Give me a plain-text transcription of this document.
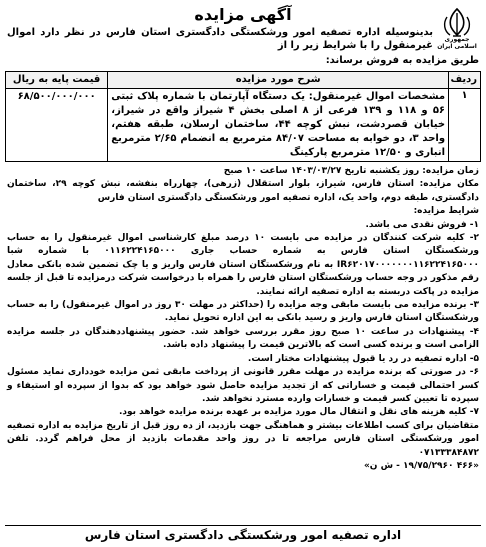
جمهوری اسلامی ایران
آگهی مزایده
بدینوسیله اداره تصفیه امور ورشکستگی دادگستری استان فارس در نظر دارد اموال غیرمنقول را با شرایط زیر را از
طریق مزایده به فروش برساند:
ردیف	شرح مورد مزایده	قیمت پایه به ریال
۱	مشخصات اموال غیرمنقول: یک دستگاه آپارتمان با شماره پلاک ثبتی ۵۶ و ۱۱۸ و ۱۳۹ فرعی از ۸ اصلی بخش ۴ شیراز واقع در شیراز، خیابان قصردشت، نبش کوچه ۴۴، ساختمان ارسلان، طبقه هفتم، واحد ۳، دو خوابه به مساحت ۸۴/۰۷ مترمربع به انضمام ۲/۶۵ مترمربع انباری و ۱۲/۵۰ مترمربع پارکینگ	۶۸/۵۰۰/۰۰۰/۰۰۰

زمان مزایده: روز یکشنبه تاریخ ۱۴۰۳/۰۳/۲۷ ساعت ۱۰ صبح

مکان مزایده: استان فارس، شیراز، بلوار استقلال (زرهی)، چهارراه بنفشه، نبش کوچه ۲۹، ساختمان دادگستری، طبقه دوم، واحد یک، اداره تصفیه امور ورشکستگی دادگستری استان فارس

شرایط مزایده:

۱- فروش نقدی می باشد.

۲- کلیه شرکت کنندگان در مزایده می بایست ۱۰ درصد مبلغ کارشناسی اموال غیرمنقول را به حساب ورشکستگان استان فارس به شماره حساب جاری ۰۱۱۶۲۲۴۱۶۵۰۰۰ با شماره شبا IR۶۲۰۱۷۰۰۰۰۰۰۰۱۱۶۲۲۴۱۶۵۰۰۰ به نام ورشکستگان استان فارس واریز و یا چک تضمین شده بانکی معادل رقم مذکور در وجه حساب ورشکستگان استان فارس را همراه با درخواست شرکت درمزایده تا قبل از جلسه مزایده در پاکت دربسته به اداره تصفیه ارائه نمایند.

۳- برنده مزایده می بایست مابقی وجه مزایده را (حداکثر در مهلت ۳۰ روز در اموال غیرمنقول) را به حساب ورشکستگان استان فارس واریز و رسید بانکی به این اداره تحویل نماید.

۴- پیشنهادات در ساعت ۱۰ صبح روز مقرر بررسی خواهد شد. حضور پیشنهاددهندگان در جلسه مزایده الزامی است و برنده کسی است که بالاترین قیمت را پیشنهاد داده باشد.

۵- اداره تصفیه در رد یا قبول پیشنهادات مختار است.

۶- در صورتی که برنده مزایده در مهلت مقرر قانونی از پرداخت مابقی ثمن مزایده خودداری نماید مسئول کسر احتمالی قیمت و خساراتی که از تجدید مزایده حاصل شود خواهد بود که بدوا از سپرده او استیفاء و سپرده تا تعیین کسر قیمت و خسارات وارده مسترد نخواهد شد.

۷- کلیه هزینه های نقل و انتقال مال مورد مزایده بر عهده برنده مزایده خواهد بود.

متقاضیان برای کسب اطلاعات بیشتر و هماهنگی جهت بازدید، از ده روز قبل از تاریخ مزایده به اداره تصفیه امور ورشکستگی استان فارس مراجعه تا در روز واحد مقدمات بازدید از محل فراهم گردد. تلفن ۰۷۱۳۳۳۸۴۸۷۲

«۴۶۶ ۱۹/۷۵/۲۹۶۰ - ش ن»

اداره تصفیه امور ورشکستگی دادگستری استان فارس
